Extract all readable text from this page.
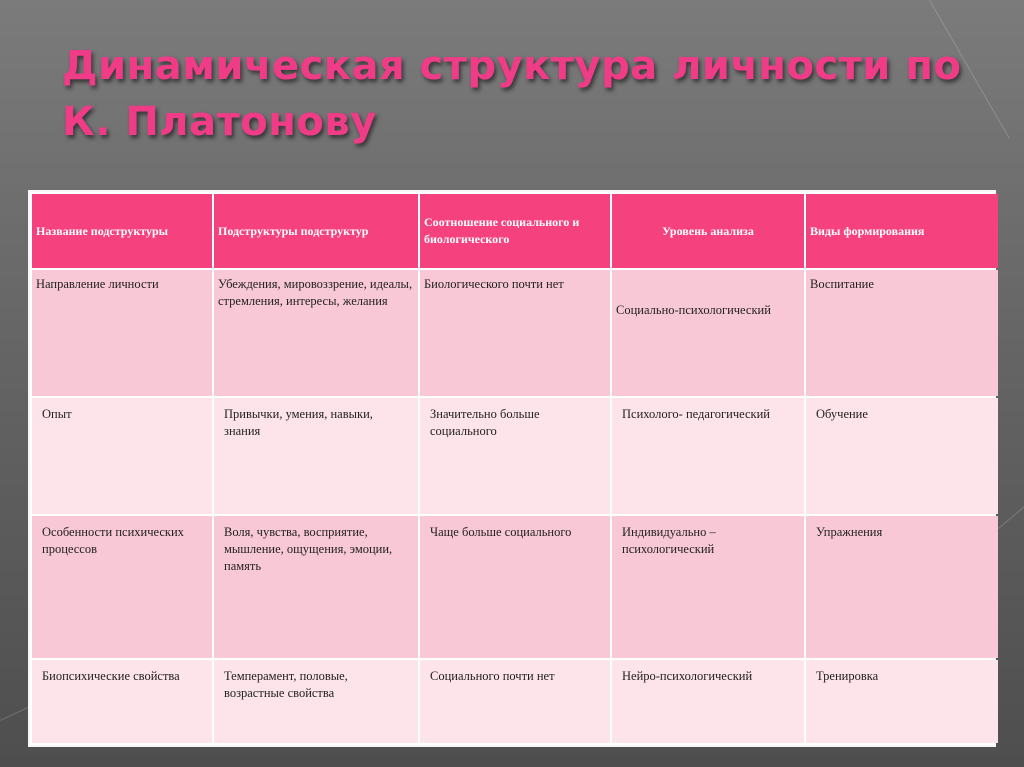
Динамическая структура личности по К. Платонову
Название подструктуры	Подструктуры подструктур	Соотношение социального и биологического	Уровень анализа	Виды формирования
Направление личности	Убеждения, мировоззрение, идеалы, стремления, интересы, желания	Биологического почти нет	Социально-психологический	Воспитание
Опыт	Привычки, умения, навыки, знания	Значительно больше социального	Психолого- педагогический	Обучение
Особенности психических процессов	Воля, чувства, восприятие, мышление, ощущения, эмоции, память	Чаще больше социального	Индивидуально – психологический	Упражнения
Биопсихические свойства	Темперамент, половые, возрастные свойства	Социального почти нет	Нейро-психологический	Тренировка
